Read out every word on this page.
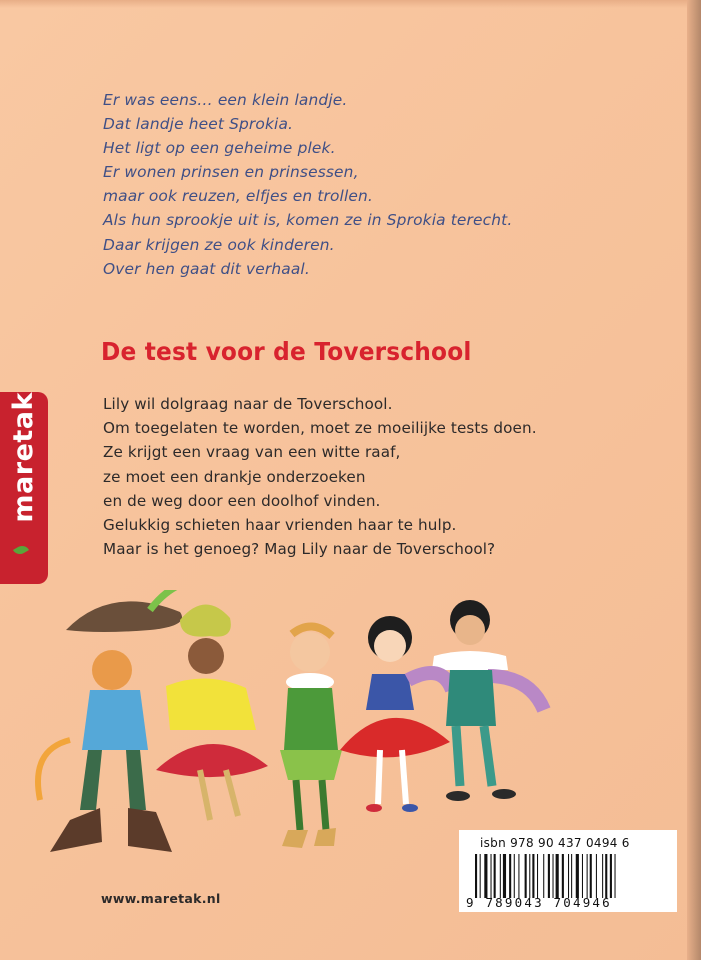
Er was eens… een klein landje.
Dat landje heet Sprokia.
Het ligt op een geheime plek.
Er wonen prinsen en prinsessen,
maar ook reuzen, elfjes en trollen.
Als hun sprookje uit is, komen ze in Sprokia terecht.
Daar krijgen ze ook kinderen.
Over hen gaat dit verhaal.
De test voor de Toverschool
Lily wil dolgraag naar de Toverschool.
Om toegelaten te worden, moet ze moeilijke tests doen.
Ze krijgt een vraag van een witte raaf,
ze moet een drankje onderzoeken
en de weg door een doolhof vinden.
Gelukkig schieten haar vrienden haar te hulp.
Maar is het genoeg? Mag Lily naar de Toverschool?
maretak

www.maretak.nl

isbn 978 90 437 0494 6

9 789043 704946
